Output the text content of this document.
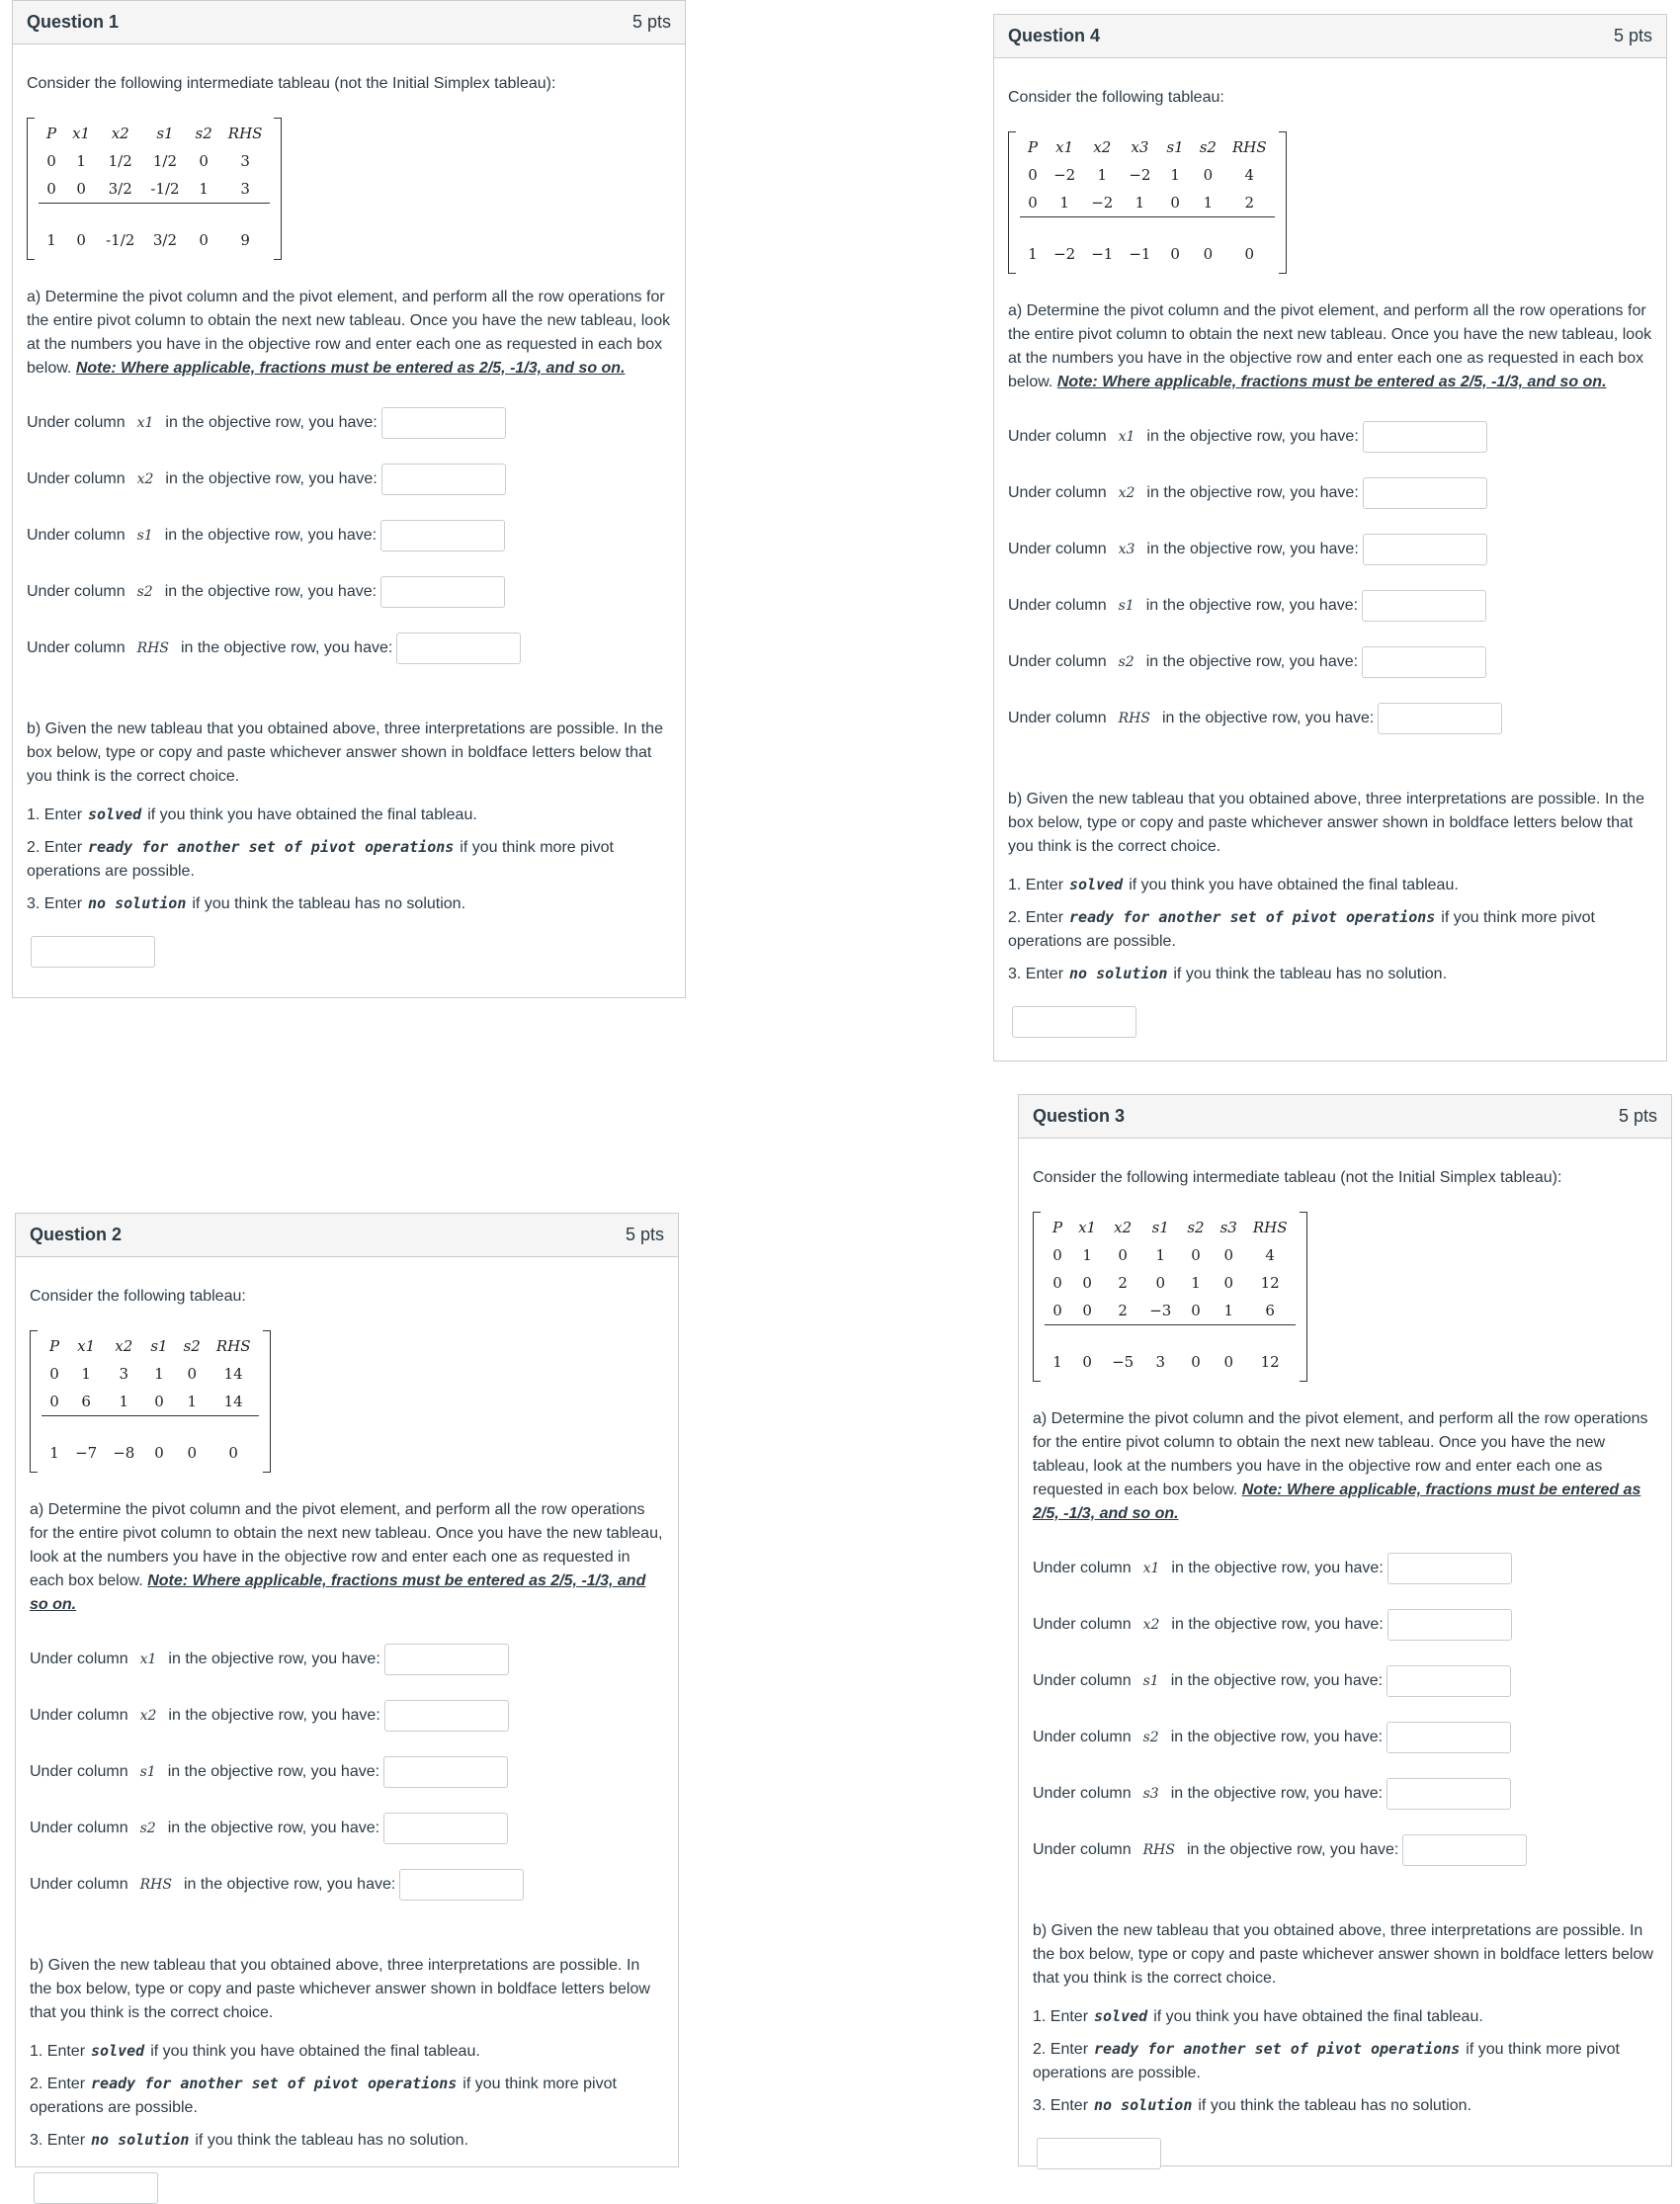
Question 1	5 pts
Consider the following intermediate tableau (not the Initial Simplex tableau):
P	x1	x2	s1	s2	RHS
0	1	1/2	1/2	0	3
0	0	3/2	-1/2	1	3

1	0	-1/2	3/2	0	9
a) Determine the pivot column and the pivot element, and perform all the row operations for the entire pivot column to obtain the next new tableau. Once you have the new tableau, look at the numbers you have in the objective row and enter each one as requested in each box below. Note: Where applicable, fractions must be entered as 2/5, -1/3, and so on.
Under column x1 in the objective row, you have:
Under column x2 in the objective row, you have:
Under column s1 in the objective row, you have:
Under column s2 in the objective row, you have:
Under column RHS in the objective row, you have:
b) Given the new tableau that you obtained above, three interpretations are possible. In the box below, type or copy and paste whichever answer shown in boldface letters below that you think is the correct choice.
1. Enter solved if you think you have obtained the final tableau.
2. Enter ready for another set of pivot operations if you think more pivot operations are possible.
3. Enter no solution if you think the tableau has no solution.
Question 4	5 pts
Consider the following tableau:
P	x1	x2	x3	s1	s2	RHS
0	−2	1	−2	1	0	4
0	1	−2	1	0	1	2

1	−2	−1	−1	0	0	0
a) Determine the pivot column and the pivot element, and perform all the row operations for the entire pivot column to obtain the next new tableau. Once you have the new tableau, look at the numbers you have in the objective row and enter each one as requested in each box below. Note: Where applicable, fractions must be entered as 2/5, -1/3, and so on.
Under column x1 in the objective row, you have:
Under column x2 in the objective row, you have:
Under column x3 in the objective row, you have:
Under column s1 in the objective row, you have:
Under column s2 in the objective row, you have:
Under column RHS in the objective row, you have:
b) Given the new tableau that you obtained above, three interpretations are possible. In the box below, type or copy and paste whichever answer shown in boldface letters below that you think is the correct choice.
1. Enter solved if you think you have obtained the final tableau.
2. Enter ready for another set of pivot operations if you think more pivot operations are possible.
3. Enter no solution if you think the tableau has no solution.
Question 2	5 pts
Consider the following tableau:
P	x1	x2	s1	s2	RHS
0	1	3	1	0	14
0	6	1	0	1	14

1	−7	−8	0	0	0
a) Determine the pivot column and the pivot element, and perform all the row operations for the entire pivot column to obtain the next new tableau. Once you have the new tableau, look at the numbers you have in the objective row and enter each one as requested in each box below. Note: Where applicable, fractions must be entered as 2/5, -1/3, and so on.
Under column x1 in the objective row, you have:
Under column x2 in the objective row, you have:
Under column s1 in the objective row, you have:
Under column s2 in the objective row, you have:
Under column RHS in the objective row, you have:
b) Given the new tableau that you obtained above, three interpretations are possible. In the box below, type or copy and paste whichever answer shown in boldface letters below that you think is the correct choice.
1. Enter solved if you think you have obtained the final tableau.
2. Enter ready for another set of pivot operations if you think more pivot operations are possible.
3. Enter no solution if you think the tableau has no solution.
Question 3	5 pts
Consider the following intermediate tableau (not the Initial Simplex tableau):
P	x1	x2	s1	s2	s3	RHS
0	1	0	1	0	0	4
0	0	2	0	1	0	12
0	0	2	−3	0	1	6

1	0	−5	3	0	0	12
a) Determine the pivot column and the pivot element, and perform all the row operations for the entire pivot column to obtain the next new tableau. Once you have the new tableau, look at the numbers you have in the objective row and enter each one as requested in each box below. Note: Where applicable, fractions must be entered as 2/5, -1/3, and so on.
Under column x1 in the objective row, you have:
Under column x2 in the objective row, you have:
Under column s1 in the objective row, you have:
Under column s2 in the objective row, you have:
Under column s3 in the objective row, you have:
Under column RHS in the objective row, you have:
b) Given the new tableau that you obtained above, three interpretations are possible. In the box below, type or copy and paste whichever answer shown in boldface letters below that you think is the correct choice.
1. Enter solved if you think you have obtained the final tableau.
2. Enter ready for another set of pivot operations if you think more pivot operations are possible.
3. Enter no solution if you think the tableau has no solution.
